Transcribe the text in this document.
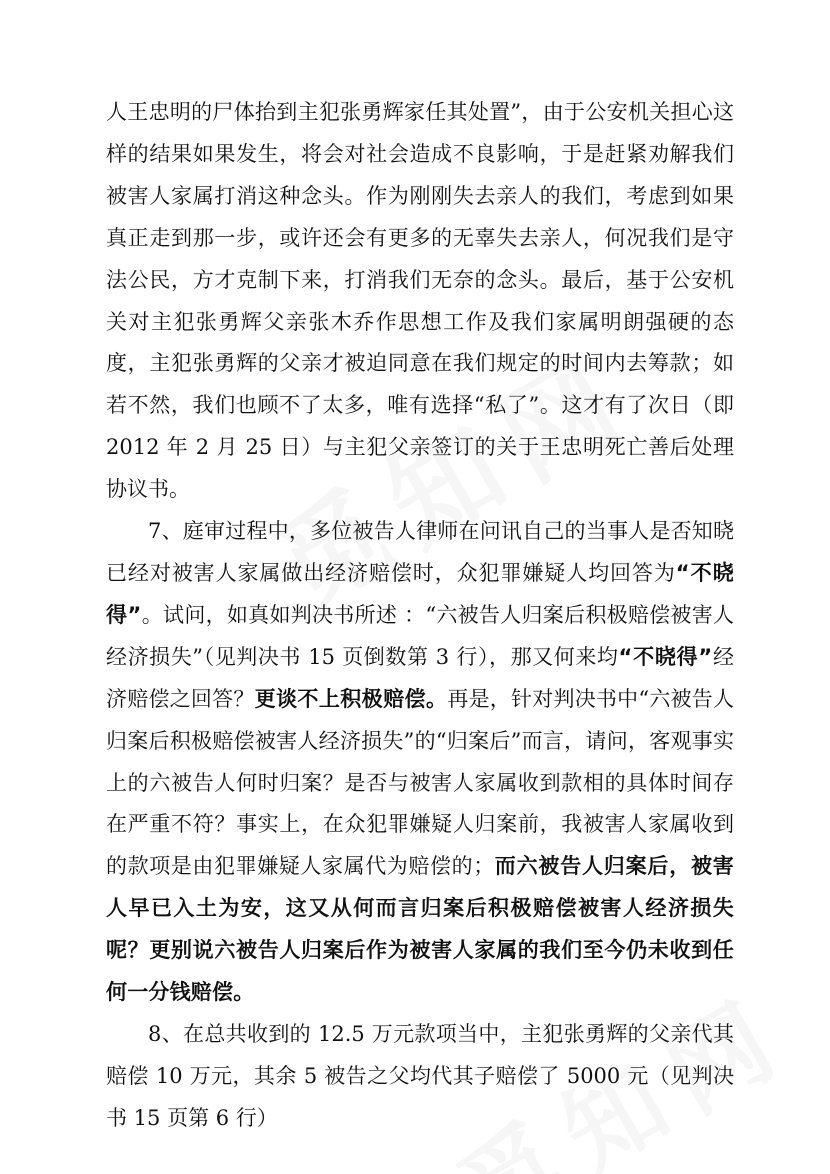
人王忠明的尸体抬到主犯张勇辉家任其处置”，由于公安机关担心这样的结果如果发生，将会对社会造成不良影响，于是赶紧劝解我们被害人家属打消这种念头。作为刚刚失去亲人的我们，考虑到如果真正走到那一步，或许还会有更多的无辜失去亲人，何况我们是守法公民，方才克制下来，打消我们无奈的念头。最后，基于公安机关对主犯张勇辉父亲张木乔作思想工作及我们家属明朗强硬的态度，主犯张勇辉的父亲才被迫同意在我们规定的时间内去筹款；如若不然，我们也顾不了太多，唯有选择“私了”。这才有了次日（即 2012 年 2 月 25 日）与主犯父亲签订的关于王忠明死亡善后处理协议书。

7、庭审过程中，多位被告人律师在问讯自己的当事人是否知晓已经对被害人家属做出经济赔偿时，众犯罪嫌疑人均回答为“不晓得”。试问，如真如判决书所述 ：“六被告人归案后积极赔偿被害人经济损失”（见判决书 15 页倒数第 3 行），那又何来均“不晓得”经济赔偿之回答？更谈不上积极赔偿。再是，针对判决书中“六被告人归案后积极赔偿被害人经济损失”的“归案后”而言，请问，客观事实上的六被告人何时归案？是否与被害人家属收到款相的具体时间存在严重不符？事实上，在众犯罪嫌疑人归案前，我被害人家属收到的款项是由犯罪嫌疑人家属代为赔偿的；而六被告人归案后，被害人早已入土为安，这又从何而言归案后积极赔偿被害人经济损失呢？更别说六被告人归案后作为被害人家属的我们至今仍未收到任何一分钱赔偿。

8、在总共收到的 12.5 万元款项当中，主犯张勇辉的父亲代其赔偿 10 万元，其余 5 被告之父均代其子赔偿了 5000 元（见判决书 15 页第 6 行）
